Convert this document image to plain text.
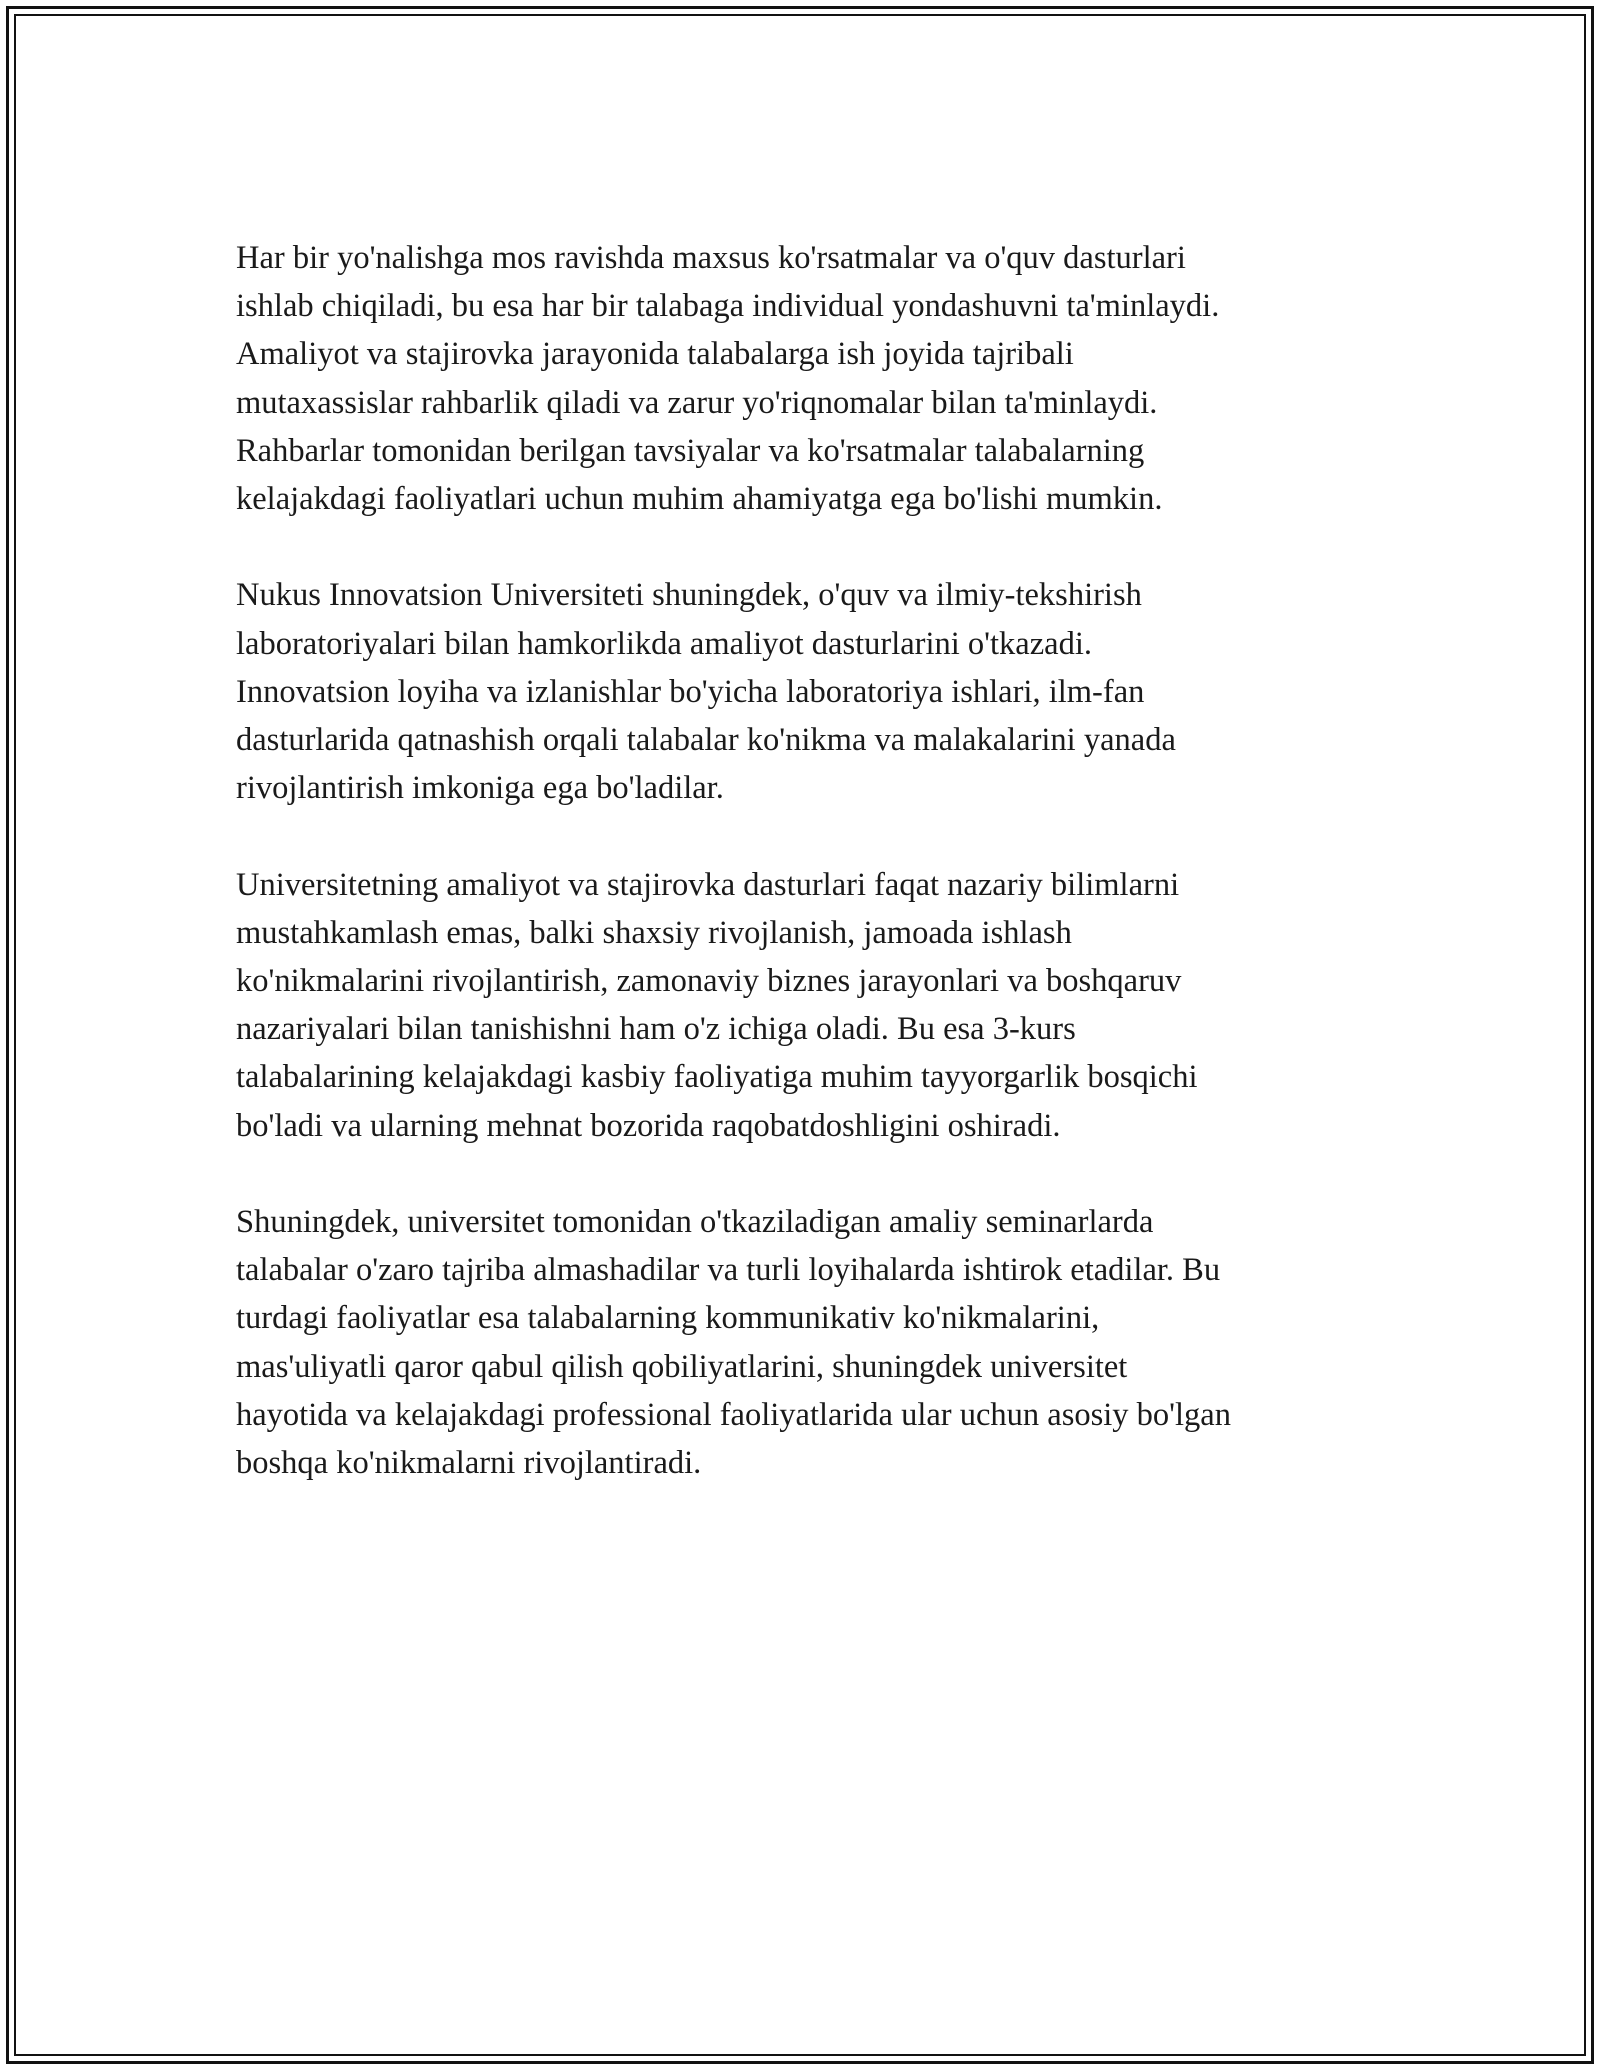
Har bir yo'nalishga mos ravishda maxsus ko'rsatmalar va o'quv dasturlari
ishlab chiqiladi, bu esa har bir talabaga individual yondashuvni ta'minlaydi.
Amaliyot va stajirovka jarayonida talabalarga ish joyida tajribali
mutaxassislar rahbarlik qiladi va zarur yo'riqnomalar bilan ta'minlaydi.
Rahbarlar tomonidan berilgan tavsiyalar va ko'rsatmalar talabalarning
kelajakdagi faoliyatlari uchun muhim ahamiyatga ega bo'lishi mumkin.

Nukus Innovatsion Universiteti shuningdek, o'quv va ilmiy-tekshirish
laboratoriyalari bilan hamkorlikda amaliyot dasturlarini o'tkazadi.
Innovatsion loyiha va izlanishlar bo'yicha laboratoriya ishlari, ilm-fan
dasturlarida qatnashish orqali talabalar ko'nikma va malakalarini yanada
rivojlantirish imkoniga ega bo'ladilar.

Universitetning amaliyot va stajirovka dasturlari faqat nazariy bilimlarni
mustahkamlash emas, balki shaxsiy rivojlanish, jamoada ishlash
ko'nikmalarini rivojlantirish, zamonaviy biznes jarayonlari va boshqaruv
nazariyalari bilan tanishishni ham o'z ichiga oladi. Bu esa 3-kurs
talabalarining kelajakdagi kasbiy faoliyatiga muhim tayyorgarlik bosqichi
bo'ladi va ularning mehnat bozorida raqobatdoshligini oshiradi.

Shuningdek, universitet tomonidan o'tkaziladigan amaliy seminarlarda
talabalar o'zaro tajriba almashadilar va turli loyihalarda ishtirok etadilar. Bu
turdagi faoliyatlar esa talabalarning kommunikativ ko'nikmalarini,
mas'uliyatli qaror qabul qilish qobiliyatlarini, shuningdek universitet
hayotida va kelajakdagi professional faoliyatlarida ular uchun asosiy bo'lgan
boshqa ko'nikmalarni rivojlantiradi.
